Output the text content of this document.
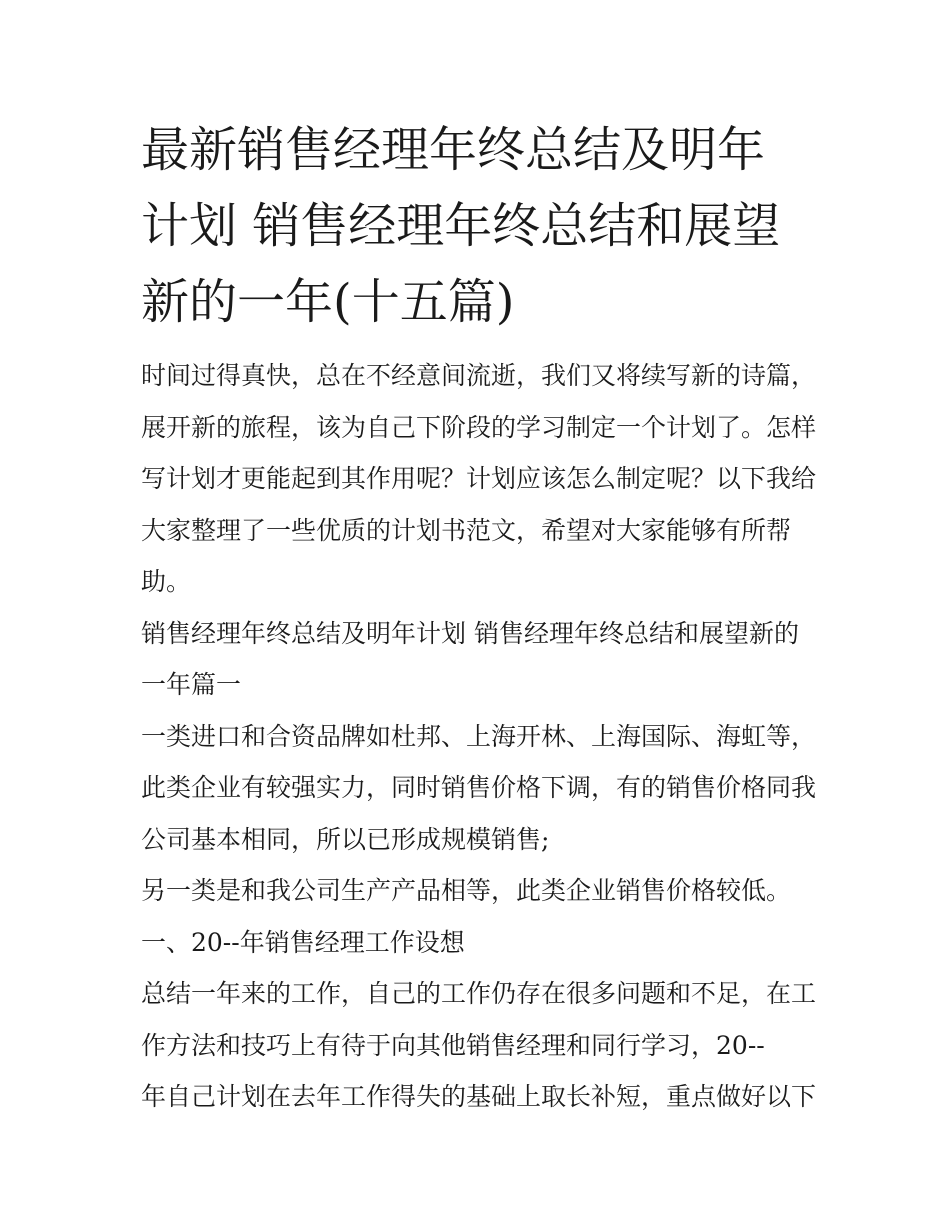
最新销售经理年终总结及明年
计划 销售经理年终总结和展望
新的一年(十五篇)

时间过得真快，总在不经意间流逝，我们又将续写新的诗篇，
展开新的旅程，该为自己下阶段的学习制定一个计划了。怎样
写计划才更能起到其作用呢？计划应该怎么制定呢？以下我给
大家整理了一些优质的计划书范文，希望对大家能够有所帮
助。

销售经理年终总结及明年计划 销售经理年终总结和展望新的
一年篇一

一类进口和合资品牌如杜邦、上海开林、上海国际、海虹等，
此类企业有较强实力，同时销售价格下调，有的销售价格同我
公司基本相同，所以已形成规模销售;

另一类是和我公司生产产品相等，此类企业销售价格较低。

一、20--年销售经理工作设想

总结一年来的工作，自己的工作仍存在很多问题和不足，在工
作方法和技巧上有待于向其他销售经理和同行学习，20--
年自己计划在去年工作得失的基础上取长补短，重点做好以下
